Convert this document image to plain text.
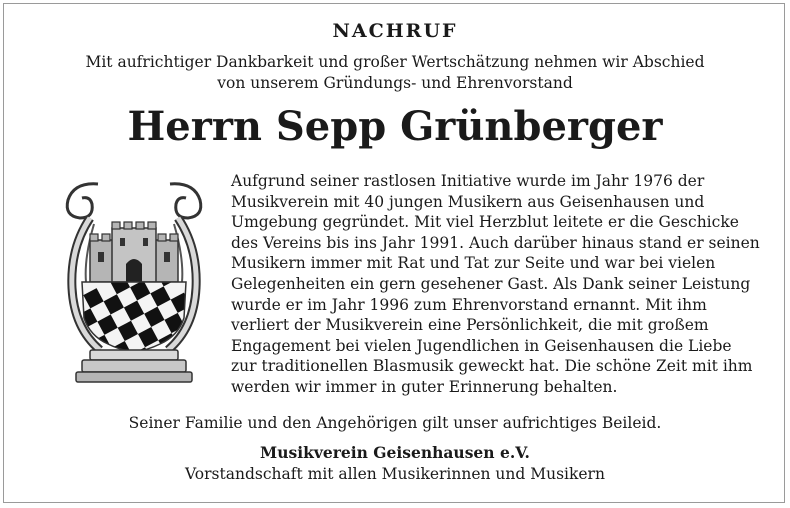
NACHRUF
Mit aufrichtiger Dankbarkeit und großer Wertschätzung nehmen wir Abschied
von unserem Gründungs- und Ehrenvorstand
Herrn Sepp Grünberger
Aufgrund seiner rastlosen Initiative wurde im Jahr 1976 der
Musikverein mit 40 jungen Musikern aus Geisenhausen und
Umgebung gegründet. Mit viel Herzblut leitete er die Geschicke
des Vereins bis ins Jahr 1991. Auch darüber hinaus stand er seinen
Musikern immer mit Rat und Tat zur Seite und war bei vielen
Gelegenheiten ein gern gesehener Gast. Als Dank seiner Leistung
wurde er im Jahr 1996 zum Ehrenvorstand ernannt. Mit ihm
verliert der Musikverein eine Persönlichkeit, die mit großem
Engagement bei vielen Jugendlichen in Geisenhausen die Liebe
zur traditionellen Blasmusik geweckt hat. Die schöne Zeit mit ihm
werden wir immer in guter Erinnerung behalten.
Seiner Familie und den Angehörigen gilt unser aufrichtiges Beileid.
Musikverein Geisenhausen e.V.
Vorstandschaft mit allen Musikerinnen und Musikern
